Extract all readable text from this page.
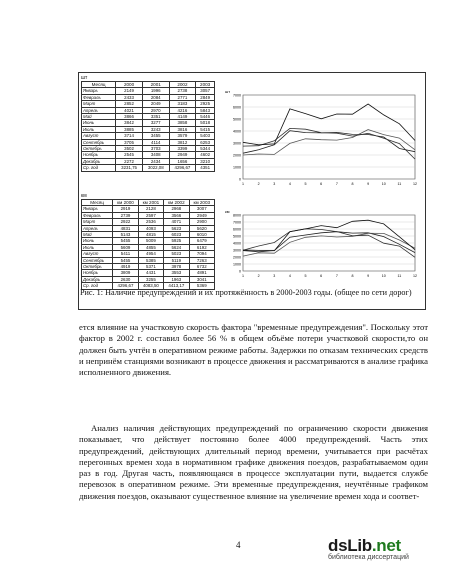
шт
Месяц	2000	2001	2002	2003
Январь	2149	1996	2738	3057
Февраль	2433	2084	2771	2849
Март	2852	2049	3183	2925
Апрель	4021	2970	4216	5843
Май	3866	3351	4149	5446
Июнь	3842	3277	3858	5018
Июль	3885	3243	3816	5415
Август	3714	3455	3579	5403
Сентябрь	3705	4114	3812	6253
Октябрь	3502	3703	3399	5344
Ноябрь	2545	3408	2949	4602
Декабрь	2272	2434	1656	3210
Ср. год	3231,75	3022,08	4296,67	4351
шт
7000
6000
5000
4000
3000
2000
1000
0
1	2	3	4	5	6	7	8	9	10	11	12
км
Месяц	км 2000	км 2001	км 2002	км 2003
Январь	2919	2128	2968	3007
Февраль	2739	2597	3566	2949
Март	2922	2536	4071	2900
Апрель	4831	4093	5623	5620
Май	5143	4815	6023	6010
Июнь	5455	5009	5925	6479
Июль	5609	4855	5624	6192
Август	5411	4954	5023	7094
Сентябрь	5455	5385	5119	7263
Октябрь	4919	5371	3978	6732
Ноябрь	3809	4431	3553	4891
Декабрь	2630	3255	1963	3041
Ср. год	4296,67	4083,50	4413,17	5369
км
8000
7000
6000
5000
4000
3000
2000
1000
0
1	2	3	4	5	6	7	8	9	10	11	12
Рис. 1: Наличие предупреждений и их протяжённость в 2000-2003 годы. (общее по сети дорог)

ется влияние на участковую скорость фактора "временные предупреждения". Поскольку этот фактор в 2002 г. составил более 56 % в общем объёме потери участковой скорости,то он должен быть учтён в оперативном режиме работы. Задержки по отказам технических средств и непринём станциями возникают в процессе движения и рассматриваются в анализе графика исполненного движения.

Анализ наличия действующих предупреждений по ограничению скорости движения показывает, что действует постоянно более 4000 предупреждений. Часть этих предупреждений, действующих длительный период времени, учитывается при расчётах перегонных времен хода в нормативном графике движения поездов, разрабатываемом один раз в год. Другая часть, появляющаяся в процессе эксплуатации пути, выдается службе перевозок в оперативном режиме. Эти временные предупреждения, неучтённые графиком движения поездов, оказывают существенное влияние на увеличение времен хода и соответ-

4	dsLib.net
библиотека диссертаций
